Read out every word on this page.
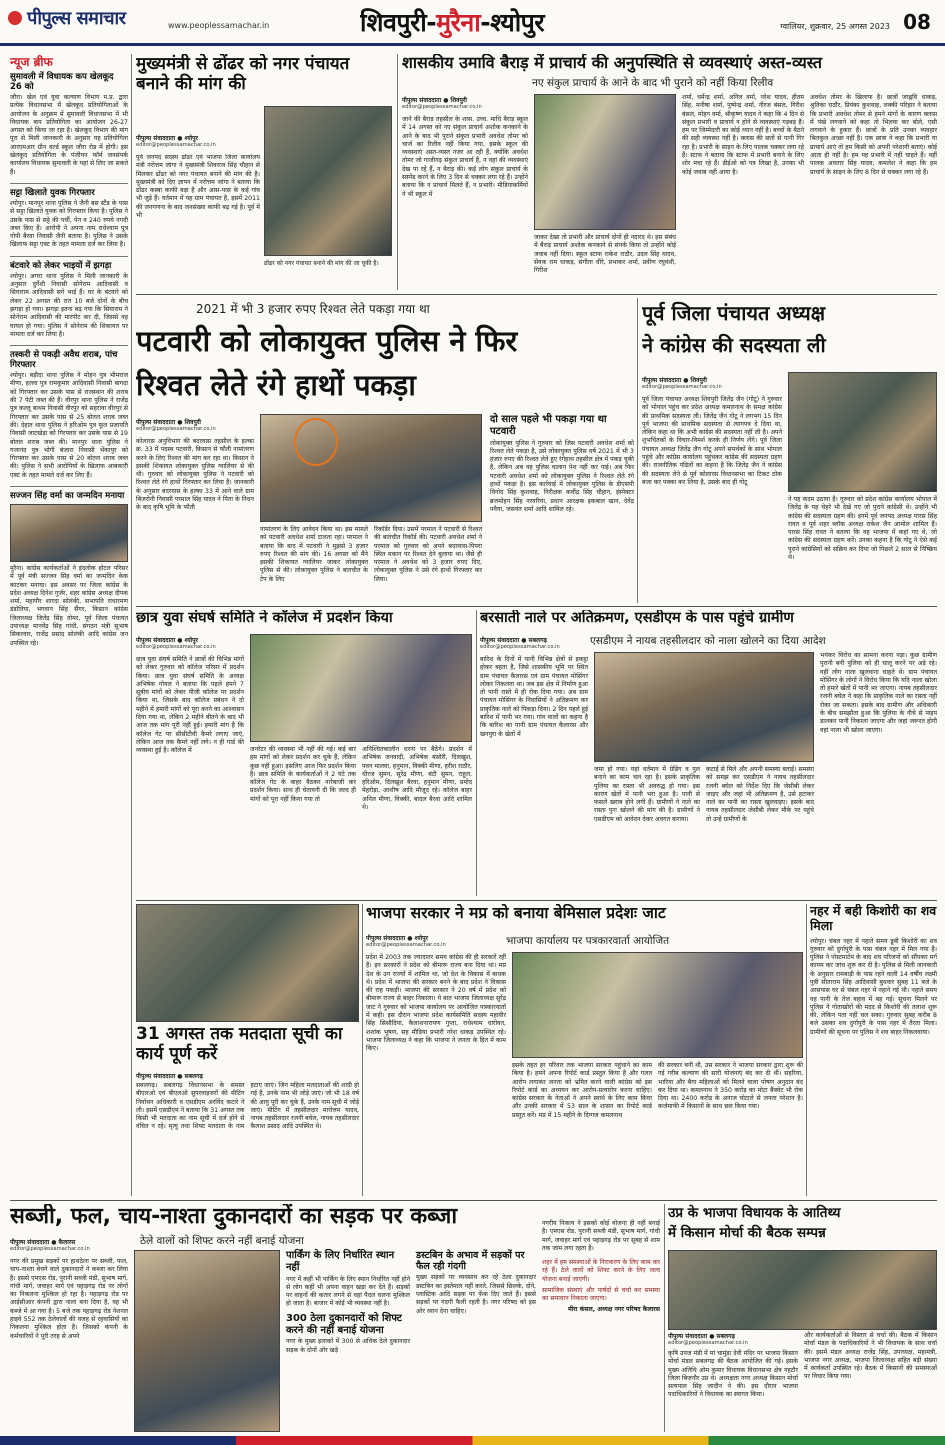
पीपुल्स समाचार	www.peoplessamachar.in	शिवपुरी-मुरैना-श्योपुर	ग्वालियर, शुक्रवार, 25 अगस्त 2023 08
न्यूज ब्रीफ
सुमावली में विधायक कप खेलकूद 26 को
जौरा। खेल एवं युवा कल्याण विभाग म.प्र. द्वारा प्रत्येक विधानसभा में खेलकूद प्रतियोगिताओं के आयोजन के अनुक्रम में सुमावली विधानसभा में भी विधायक कप प्रतियोगिता का आयोजन 26-27 अगस्त को किया जा रहा है। खेलकूद विभाग की मांग पूरा से मिली जानकारी के अनुसार यह प्रतियोगिता आरएमआर ग्रीन वर्ल्ड स्कूल जौरा रोड में होगी। इस खेलकूद प्रतियोगिता के पंजीयन फॉर्म जनसंपर्क कार्यालय विधायक सुमावली के यहां से लिए जा सकते हैं।
सट्टा खिलाते युवक गिरफ्तार
श्योपुर। मानपुर थाना पुलिस ने जैनी बस स्टैंड के पास से सट्टा खिलाते युवक को गिरफ्तार किया है। पुलिस ने उसके पास से सट्टे की पर्ची, पेन व 240 रुपये नगदी जब्त किए हैं। आरोपी ने अपना नाम राधेश्याम पुत्र गोपी बैरवा निवासी जैनी बताया है। पुलिस ने उसके खिलाफ सट्टा एक्ट के तहत मामला दर्ज कर लिया है।
बंटवारे को लेकर भाइयों में झगड़ा
श्योपुर। अगरा थाना पुलिस ने मिली जानकारी के अनुसार दुर्गेशी निवासी सोनेराम आदिवासी व सियाराम आदिवासी सगे भाई हैं। घर के बंटवारे को लेकर 22 अगस्त की रात 10 बजे दोनों के बीच झगड़ा हो गया। झगड़ा इतना बढ़ गया कि सियाराम ने सोनेराम आदिवासी की मारपीट कर दी, जिससे वह घायल हो गया। पुलिस ने सोनेराम की शिकायत पर मामला दर्ज कर लिया है।
तस्करी से पकड़ी अवैध शराब, पांच गिरफ्तार
श्योपुर। बड़ौदा थाना पुलिस ने मोहन पुत्र भीमराज मीणा, हल्ला पुत्र रामकुमार आदिवासी निवासी बागदा को गिरफ्तार कर उसके पास से राजस्थान की शराब की 7 पेटी जब्त की हैं। वीरपुर थाना पुलिस ने राजेंद्र पुत्र कल्लू बाथम निवासी वीरपुर को सहरावा वीरपुर से गिरफ्तार कर उसके पास से 25 बोतल शराब जब्त की। देहात थाना पुलिस ने हरिओम पुत्र फूल प्रजापति निवासी जाटखेड़ा को गिरफ्तार कर उसके पास से 19 बोतल शराब जब्त की। मानपुर थाना पुलिस ने गजानंद पुत्र भोगी बंजारा निवासी भेंकापुर को गिरफ्तार कर उसके पास से 20 बोतल शराब जब्त की। पुलिस ने सभी आरोपियों के खिलाफ आबकारी एक्ट के तहत मामले दर्ज कर लिए हैं।
सज्जन सिंह वर्मा का जन्मदिन मनाया
मुरैना। कांग्रेस कार्यकर्ताओं ने इंदलोक होटल परिसर में पूर्व मंत्री सज्जन सिंह वर्मा का जन्मदिन केक काटकर मनाया। इस अवसर पर जिला कांग्रेस के प्रदेश अध्यक्ष दिनेश गुर्जर, शहर कांग्रेस अध्यक्ष दीपक शर्मा, महापौर शारदा सोलंकी, सभापति राधारमण डंडोतिया, भगवान सिंह सैंगर, किसान कांग्रेस जिलाध्यक्ष जितेंद्र सिंह तोमर, पूर्व जिला पंचायत उपाध्यक्ष मानवेंद्र सिंह गांधी, संगठन मंत्री सुभाष सिकरवार, राजेंद्र प्रसाद सोलंकी आदि कांग्रेस जन उपस्थित रहे।
मुख्यमंत्री से ढोंढर को नगर पंचायत बनाने की मांग की
पीपुल्स संवाददाता ● श्योपुर
editor@peoplessamachar.co.in
पूर्व जनपद सदस्य ढोंढर एवं भाजपा जिला कार्यालय मंत्री नरोत्तम जांगा ने मुख्यमंत्री शिवराज सिंह चौहान से मिलकर ढोंढर को नगर पंचायत बनाने की मांग की है। मुख्यमंत्री को दिए ज्ञापन में नरोत्तम जांगा ने बताया कि ढोंढर कस्बा काफी बड़ा है और आस-पास के कई गांव भी जुड़े हैं। वर्तमान में यह ग्राम पंचायत है, इसमें 2011 की जनगणना के बाद जनसंख्या काफी बढ़ गई है। पूर्व में भी
ढोंढर को नगर पंचायत बनाने की मांग की जा चुकी है।
शासकीय उमावि बैराड़ में प्राचार्य की अनुपस्थिति से व्यवस्थाएं अस्त-व्यस्त
नए संकुल प्राचार्य के आने के बाद भी पुराने को नहीं किया रिलीव
पीपुल्स संवाददाता ● शिवपुरी
editor@peoplessamachar.co.in
जाने की बैराड़ तहसील के शास. उच्च. माधि बैराड़ स्कूल में 14 अगस्त को नए संकुल प्राचार्य अशोक कनकाने के आने के बाद भी पुराने संकुल प्रभारी अवधेश तोमर को चार्ज का रिलीव नहीं किया गया, इसके स्कूल की व्यवस्थाएं अस्त-व्यस्त नजर आ रही हैं, क्योंकि अवधेश तोमर जो गाजीगढ़ संकुल प्राचार्य हैं, न वहां की व्यवस्थाएं देख पा रहे हैं, न बैराड़ की। कई लोग संकुल प्राचार्य के सस्पेंड करने के लिए 3 दिन से चक्कर लगा रहे हैं। उन्होंने बताया कि न प्राचार्य मिलते हैं, न प्रभारी। मीडियाकर्मियों ने भी स्कूल में
जाकर देखा तो प्रभारी और प्राचार्य दोनों ही नदारद थे। इस संबंध में बैराड़ प्राचार्य अशोक कनकाने से संपर्क किया तो उन्होंने कोई जवाब नहीं दिया। स्कूल स्टाफ राकेश राठौर, उदल सिंह यादव, सेवक राम धाकड़, संगीता धीरे, प्रभाकर शर्मा, प्रवीण रघुवंशी, गिरीश
शर्मा, धर्मेन्द्र शर्मा, अनिल वर्मा, नरेश यादव, हीतम सिंह, मनीषा शर्मा, पुष्पेन्द्र शर्मा, नीरज बंसल, गिरीश बंसल, मोहन वर्मा, श्रीकृष्ण यादव ने कहा कि 4 दिन से संकुल प्रभारी व प्राचार्य न होने से व्यवस्थाएं गड़बड़ हैं। हम पर जिम्मेदारी का कोई ध्यान नहीं है। बच्चों के बैठने की सही व्यवस्था नहीं है। क्लास की छतों से पानी गिर रहा है। प्रभारी के साइन के लिए पालक चक्कर लगा रहे हैं। स्टाफ ने बताया कि स्टाफ में प्रभारी बनाने के लिए शोर मचा रहे हैं। डीईओ को पत्र लिखा है, उनका भी कोई जवाब नहीं आया है।
अवधेश तोमर के खिलाफ है। छात्रों जाह्नवि धाकड़, श्रुतिका राठौर, प्रियंका कुशवाह, लक्की परिहार ने बताया कि प्रभारी अवधेश तोमर से हमने मांगों के कारण क्लास में पंखे लगवाने को कहा तो भिलवा कर बोले, एसी लगवाने के हुकार हैं। छात्रों के प्रति उनका व्यवहार बिलकुल अच्छा नहीं है। एक छात्रा ने कहा कि प्रभारी या प्राचार्य आएं तो हम किसी को अपनी परेशानी बताएं। कोई आता ही नहीं है। हम यह प्रभारी में नहीं चाहते हैं। वहीं पालक अवतार सिंह यादव, कमलेश ने कहा कि हम प्राचार्य के साइन के लिए 8 दिन से चक्कर लगा रहे हैं।
2021 में भी 3 हजार रुपए रिश्वत लेते पकड़ा गया था
पटवारी को लोकायुक्त पुलिस ने फिर
रिश्वत लेते रंगे हाथों पकड़ा
पीपुल्स संवाददाता ● शिवपुरी
editor@peoplessamachar.co.in
कोलारस अनुविभाग की बदरवास तहसील के हल्का क्र. 33 में पदस्थ पटवारी, किसान से फौती नामांतरण करने के लिए रिश्वत की मांग कर रहा था। किसान ने इसकी शिकायत लोकायुक्त पुलिस ग्वालियर से की थी। गुरुवार को लोकायुक्त पुलिस ने पटवारी को रिश्वत लेते रंगे हाथों गिरफ्तार कर लिया है। जानकारी के अनुसार बदरवास के हल्का 33 में आने वाले ग्राम बिजरोनी निवासी परमाल सिंह यादव ने पिता के निधन के बाद कृषि भूमि के फौती
नामांतरण के लिए आवेदन किया था। इस मामले को पटवारी अवधेश शर्मा टालता रहा। परमाल ने बताया कि बाद में पटवारी ने मुझसे 3 हजार रुपए रिश्वत की मांग की। 16 अगस्त को मैंने इसकी शिकायत ग्वालियर जाकर लोकायुक्त पुलिस से की। लोकायुक्त पुलिस ने बातचीत के टेप के लिए
रिकॉर्डर दिया। उसमें परमाल ने पटवारी से रिश्वत की बातचीत रिकॉर्ड की। पटवारी अवधेश शर्मा ने परमाल को गुरुवार को अपने बदरवास-पिपरा स्थित मकान पर रिश्वत देने बुलाया था। जैसे ही परमाल ने अवधेश को 3 हजार रुपए दिए, लोकायुक्त पुलिस ने उसे रंगे हाथों गिरफ्तार कर लिया।
दो साल पहले भी पकड़ा गया था पटवारी
लोकायुक्त पुलिस ने गुरुवार को जिस पटवारी अवधेश शर्मा को रिश्वत लेते पकड़ा है, उसे लोकायुक्त पुलिस वर्ष 2021 में भी 3 हजार रुपए की रिश्वत लेते हुए रंगेहाथ तहसील क्षेत्र में पकड़ चुकी है, लेकिन अब वह पुलिस वालान पेश नहीं कर पाई। अब फिर पटवारी अवधेश शर्मा को लोकायुक्त पुलिस ने रिश्वत लेते रंगे हाथों पकड़ा है। इस कार्रवाई में लोकायुक्त पुलिस के डीएसपी विनोद सिंह कुशवाह, निरीक्षक कवींद्र सिंह चौहान, इंस्पेक्टर ब्रजमोहन सिंह नरवरिया, प्रधान आरक्षक इकबाल खान, देवेंद्र पवैया, जसवंत शर्मा आदि शामिल रहे।
पूर्व जिला पंचायत अध्यक्ष
ने कांग्रेस की सदस्यता ली
पीपुल्स संवाददाता ● शिवपुरी
editor@peoplessamachar.co.in
पूर्व जिला पंचायत अध्यक्ष शिवपुरी जितेंद्र जैन (गोटू) ने गुरुवार को भोपाल पहुंच कर प्रदेश अध्यक्ष कमलनाथ के समक्ष कांग्रेस की प्राथमिक सदस्यता ली। जितेंद्र जैन गोटू ने लगभग 15 दिन पूर्व भाजपा की प्राथमिक सदस्यता से त्यागपत्र दे दिया था, लेकिन कहा था कि अभी कांग्रेस की सदस्यता नहीं ली है। अपने शुभचिंतकों के विचार-विमर्श करके ही निर्णय लेंगे। पूर्व जिला पंचायत अध्यक्ष जितेंद्र जैन गोटू अपने समर्थकों के साथ भोपाल पहुंचे और कांग्रेस कार्यालय पहुंचकर कांग्रेस की सदस्यता ग्रहण की। राजनीतिक पंडितों का कहना है कि जितेंद्र जैन ने कांग्रेस की सदस्यता लेने से पूर्व कोलारस विधानसभा का टिकट ठोक बजा कर पक्का कर लिया है, उसके बाद ही गोटू
ने यह कदम उठाया है। गुरुवार को प्रदेश कांग्रेस कार्यालय भोपाल में जितेंद्र के यह चेहरे भी देखे गए जो पुराने कांग्रेसी थे। उन्होंने भी कांग्रेस की सदस्यता ग्रहण की। इनमें पूर्व जनपद अध्यक्ष पारस सिंह रावत व पूर्व शहर ब्लॉक अध्यक्ष राकेश जैन आमोल शामिल हैं। पारस सिंह रावत ने बताया कि वह भाजपा में कहां गए थे, जो कांग्रेस की सदस्यता ग्रहण करें। उनका कहना है कि गोटू ने ऐसे कई पुराने कांग्रेसियों को सक्रिय कर दिया जो पिछले 2 साल से निष्क्रिय थे।
छात्र युवा संघर्ष समिति ने कॉलेज में प्रदर्शन किया
पीपुल्स संवाददाता ● श्योपुर
editor@peoplessamachar.co.in
छात्र युवा संघर्ष समिति ने छात्रों की विभिन्न मांगों को लेकर गुरुवार को कॉलेज परिसर में प्रदर्शन किया। छात्र युवा संघर्ष समिति के अध्यक्ष अभिषेक गोयल ने बताया कि पहले हमने 7 सूत्रीय मांगों को लेकर पीजी कॉलेज पर प्रदर्शन किया था, जिसके बाद कॉलेज प्रबंधन ने दो महीने में हमारी मांगों को पूरा करने का आश्वासन दिया गया था, लेकिन 2 महीने बीतने के बाद भी आज तक मांग पूरी नहीं हुई। हमारी मांग है कि कॉलेज गेट पर सीसीटीवी कैमरे लगाए जाएं, लेकिन आज तक कैमरे नहीं लगे। न ही गार्ड की व्यवस्था हुई है। कॉलेज में	जनरेटर की व्यवस्था भी नहीं की गई। कई बार हम मांगों को लेकर प्रदर्शन कर चुके हैं, लेकिन कुछ नहीं हुआ। इसलिए आज फिर प्रदर्शन किया है। छात्र समिति के कार्यकर्ताओं ने 2 घंटे तक कॉलेज गेट के बाहर बैठकर नारेबाजी कर प्रदर्शन किया। साथ ही चेतावनी दी कि जल्द ही मांगों को पूरा नहीं किया गया तो
अनिश्चितकालीन धरना पर बैठेंगे। प्रदर्शन में अभिषेक जनवादी, अभिषेक बंसोरी, दिलखुश, पवन मालवा, हनुमान, विक्की मीणा, हरीश राठौर, धीरज सुमन, सुरेंद्र मीणा, बंटी सुमन, राहुल, हरिओम, दिलखुश बैरवा, हनुमान मीणा, प्रमोद मेहरोड़ा, आशीष आदि मौजूद रहे। कॉलेज बाहर अनिल मीणा, विक्की, बादल बैरवा आदि शामिल थे।
बरसाती नाले पर अतिक्रमण, एसडीएम के पास पहुंचे ग्रामीण
पीपुल्स संवाददाता ● सबलगढ़
editor@peoplessamachar.co.in	एसडीएम ने नायब तहसीलदार को नाला खोलने का दिया आदेश
बारिश के दिनों में पानी विभिन्न क्षेत्रों से इकट्ठा होकर बहता है, जिसे शासकीय भूमि पर स्थित ग्राम पंचायत कैलारस एवं ग्राम पंचायत मोसिंगर लोकर निकलता था। जब इस क्षेत्र में निर्माण हुआ तो पानी रास्ते में ही रोक दिया गया। अब ग्राम पंचायत मोसिंगर के निवासियों ने अतिक्रमण कर प्राकृतिक नाले को पिकड़ा दिया। 2 दिन पहले हुई बारिश में पानी भर गया। गांव वालों का कहना है कि बारिश का पानी ग्राम पंचायत कैलारस और खनपुरा के खेतों में
जमा हो गया। यहां वर्तमान में ग्रेडिंग व पुल बनाने का काम चल रहा है। इसके प्राकृतिक पुलिया का रास्ता भी अवरुद्ध हो गया। इस कारण खेतों में पानी भरा हुआ है। पानी से फसलें खराब होने लगी हैं। ग्रामीणों ने नाले का रास्ता पुनः खोलने की मांग की है। ग्रामीणों ने एसडीएम को आवेदन देकर अवगत कराया।
कटाई से मिले और अपनी समस्या बताई। समस्या को समझ कर एसडीएम ने नायब तहसीलदार रजनी बघेल को निर्देश दिए कि जेसीबी लेकर जाइए और जहां भी अतिक्रमण है, उसे हटाकर नाले का पानी का रास्ता खुलवाइए। इसके बाद नायब तहसीलदार जेसीबी लेकर मौके पर पहुंचे तो उन्हें ग्रामीणों के
भयंकर विरोध का सामना करना पड़ा। कुछ ग्रामीण पुरानी बनी पुलिया को ही चालू करने पर अड़े रहे। वहीं लोग नाला खुलवाना चाहते थे। ग्राम पंचायत मोसिंगर के लोगों ने विरोध किया कि यदि नाला खोला तो हमारे खेतों में पानी भर जाएगा। नायब तहसीलदार रजनी बघेल ने कहा कि प्राकृतिक नाले का रास्ता नहीं रोका जा सकता। इसके बाद ग्रामीण और अधिकारी के बीच समझौता हुआ कि पुलिया के नीचे से पाइप डालकर पानी निकाला जाएगा और जहां जरूरत होगी वहां नाला भी खोला जाएगा।
31 अगस्त तक मतदाता सूची का कार्य पूर्ण करें
पीपुल्स संवाददाता ● सबलगढ़
सबलगढ़। सबलगढ़ विधानसभा के समस्त बीएलओ एवं बीएलओ सुपरवाइजरों की मीटिंग निर्वाचन अधिकारी व एसडीएम अरविंद कटारे ने ली। इसमें एसडीएम ने बताया कि 31 अगस्त तक किसी भी मतदाता का नाम सूची में दर्ज होने से वंचित न रहे। मृत्यु तथा शिफ्ट मतदाता के नाम हटाए जाएं। जिन महिला मतदाताओं की शादी हो गई है, उनके नाम भी जोड़े जाएं। जो भी 18 वर्ष की आयु पूरी कर चुके हैं, उनके नाम सूची में जोड़े जाएं। मीटिंग में तहसीलदार मारोत्तम यादव, नायब तहसीलदार रजनी बघेल, नायब तहसीलदार कैलाश प्रसाद आदि उपस्थित थे।
भाजपा सरकार ने मप्र को बनाया बेमिसाल प्रदेशः जाट
पीपुल्स संवाददाता ● श्योपुर
editor@peoplessamachar.co.in	भाजपा कार्यालय पर पत्रकारवार्ता आयोजित
प्रदेश में 2003 तक ज्यादातर समय कांग्रेस की ही सरकारें रहीं हैं। इन सरकारों ने प्रदेश को बीमारू राज्य बना दिया था। मप्र देश के उन राज्यों में शामिल था, जो देश के विकास में बाधक थे। प्रदेश में भाजपा की सरकार बनने के बाद प्रदेश ने विकास की राह पकड़ी। भाजपा की सरकार ने 20 वर्ष में प्रदेश को बीमारू राज्य से बाहर निकाला। ये बात भाजपा जिलाध्यक्ष सुरेंद्र जाट ने गुरुवार को भाजपा कार्यालय पर आयोजित पत्रकारवार्ता में कही। इस दौरान भाजपा प्रदेश कार्यसमिति सदस्य महावीर सिंह सिसौदिया, कैलाशनारायण गुप्ता, राधेश्याम धारोवत, शशांक भूषण, सह मीडिया प्रभारी नरेश धाकड़ उपस्थित रहे। भाजपा जिलाध्यक्ष ने कहा कि भाजपा ने जनता के हित में काम किए।
इसके तहत हर परिवार तक भाजपा सरकार पहुंचाने का काम किया है। हमने अपना रिपोर्ट कार्ड प्रस्तुत किया है और गलत आरोप लगाकर जनता को भ्रमित करने वाली कांग्रेस को इस रिपोर्ट कार्ड का अध्ययन कर आरोप-प्रत्यारोप करना चाहिए। कांग्रेस सरकार के नेताओं ने अपने स्वार्थ के लिए काम किया और उनकी सरकार में 53 साल के शासन का रिपोर्ट कार्ड प्रस्तुत करें। मप्र में 15 महीने के दिग्गज कमलनाथ
की सरकार बनी थी, उस सरकार ने भाजपा सरकार द्वारा शुरू की गई गरीब कल्याण की सारी योजनाएं बंद कर दी थीं। सहरिया, भारिया और बैगा महिलाओं को मिलने वाला पोषण अनुदान बंद कर दिया था। कमलनाथ ने 350 करोड़ का मोटा बैंक्वेट भी रोक दिया था। 2400 करोड़ के अनाज घोटाले से जनता परेशान है। कर्जमाफी में किसानों के साथ छल किया गया।
नहर में बही किशोरी का शव मिला
श्योपुर। चंबल नहर में नहाते समय डूबी किशोरी का शव गुरुवार को दुर्गापुरी के पास चंबल नहर में मिल गया है। पुलिस ने पोस्टमार्टम के बाद शव परिजनों को सौंपकर मर्ग कायम कर जांच शुरू कर दी है। पुलिस से मिली जानकारी के अनुसार रामबाड़ी के पास रहने वाली 14 वर्षीय लक्ष्मी पुत्री सीताराम सिंह आदिवासी बुधवार सुबह 11 बजे के आसपास घर से चंबल नहर में नहाने गई थी। नहाते समय वह पानी के तेज बहाव में बह गई। सूचना मिलने पर पुलिस ने गोताखोरों की मदद से किशोरी की तलाश शुरू की, लेकिन पता नहीं चल सका। गुरुवार सुबह करीब 8 बजे उसका शव दुर्गापुरी के पास नहर में तैरता मिला। ग्रामीणों की सूचना पर पुलिस ने शव बाहर निकलवाया।
सब्जी, फल, चाय-नाश्ता दुकानदारों का सड़क पर कब्जा
पीपुल्स संवाददाता ● कैलारस
editor@peoplessamachar.co.in
ठेले वालों को शिफ्ट करने नहीं बनाई योजना
नगर की प्रमुख सड़कों पर हाथठेला पर सब्जी, फल, चाय-नाश्ता बेचने वाले दुकानदारों ने कब्जा कर लिया है। इससे एमएस रोड, पुरानी सब्जी मंडी, सुभाष मार्ग, गांधी मार्ग, जवाहर मार्ग एवं पहाड़गढ़ रोड पर लोगों का निकलना मुश्किल हो रहा है। पहाड़गढ़ रोड पर आईसीआर कंपनी द्वारा नाला बना दिया है, वह भी कब्जे में आ गया है। 5 बजे तक पहाड़गढ़ रोड नेशनल हाइवे 552 तक ठेलेवालों की वजह से रहवासियों का निकलना मुश्किल होता है। जिसको कंपनी के कर्मचारियों ने पूरी तरह से अपने
पार्किंग के लिए निर्धारित स्थान नहीं
नगर में कहीं भी पार्किंग के लिए स्थान निर्धारित नहीं होने से लोग कहीं भी अपना वाहन खड़ा कर देते हैं। सड़कों पर वाहनों की कतार लगने से वहां पैदल चलना मुश्किल हो जाता है। बाजार में कोई भी व्यवस्था नहीं है।
300 ठेला दुकानदारों को शिफ्ट करने की नहीं बनाई योजना
नगर के मुख्य इलाकों में 300 से अधिक ठेले दुकानदार सड़क के दोनों ओर खड़े
डस्टबिन के अभाव में सड़कों पर फैल रही गंदगी
मुख्य सड़कों पर व्यवसाय कर रहे ठेला दुकानदार डस्टबिन का इस्तेमाल नहीं करते, जिससे छिलके, दोने, प्लास्टिक आदि सड़क पर फेंक दिए जाते हैं। इससे सड़कों पर गंदगी फैली रहती है। नगर परिषद को इस ओर ध्यान देना चाहिए।
नगरीय निकाय ने इसको कोई योजना ही नहीं बनाई है। एमएस रोड, पुरानी सब्जी मंडी, सुभाष मार्ग, गांधी मार्ग, जवाहर मार्ग एवं पहाड़गढ़ रोड पर सुबह से शाम तक जाम लगा रहता है।
शहर में हम समस्याओं के निराकरण के लिए काम कर रहे हैं। ठेले वालों को शिफ्ट करने के लिए जल्द योजना बनाई जाएगी।
सामाजिक संस्थाएं और पार्षदों से चर्चा कर समस्या का समाधान निकाला जाएगा।
मीरा कंसल, अध्यक्ष नगर परिषद कैलारस
उप्र के भाजपा विधायक के आतिथ्य
में किसान मोर्चा की बैठक सम्पन्न
पीपुल्स संवाददाता ● सबलगढ़
editor@peoplessamachar.co.in
कृषि उपज मंडी में मां चामुंडा देवी मंदिर पर भाजपा किसान मोर्चा मंडल सबलगढ़ की बैठक आयोजित की गई। इसके मुख्य अतिथि ओम कुमार विधायक विधानसभा क्षेत्र नहटौर जिला बिजनौर उप्र थे। अध्यक्षता नगर अध्यक्ष किसान मोर्चा सत्यपाल सिंह जादौन ने की। इस दौरान भाजपा पदाधिकारियों ने विधायक का स्वागत किया।
और कार्यकर्ताओं से विस्तार से चर्चा की। बैठक में किसान मोर्चा मंडल के पदाधिकारियों ने भी विधायक के साथ चर्चा की। इसमें मंडल अध्यक्ष राजेंद्र सिंह, उपाध्यक्ष, महामंत्री, भाजपा नगर अध्यक्ष, भाजपा जिलाध्यक्ष सहित बड़ी संख्या में कार्यकर्ता उपस्थित रहे। बैठक में किसानों की समस्याओं पर विचार किया गया।
